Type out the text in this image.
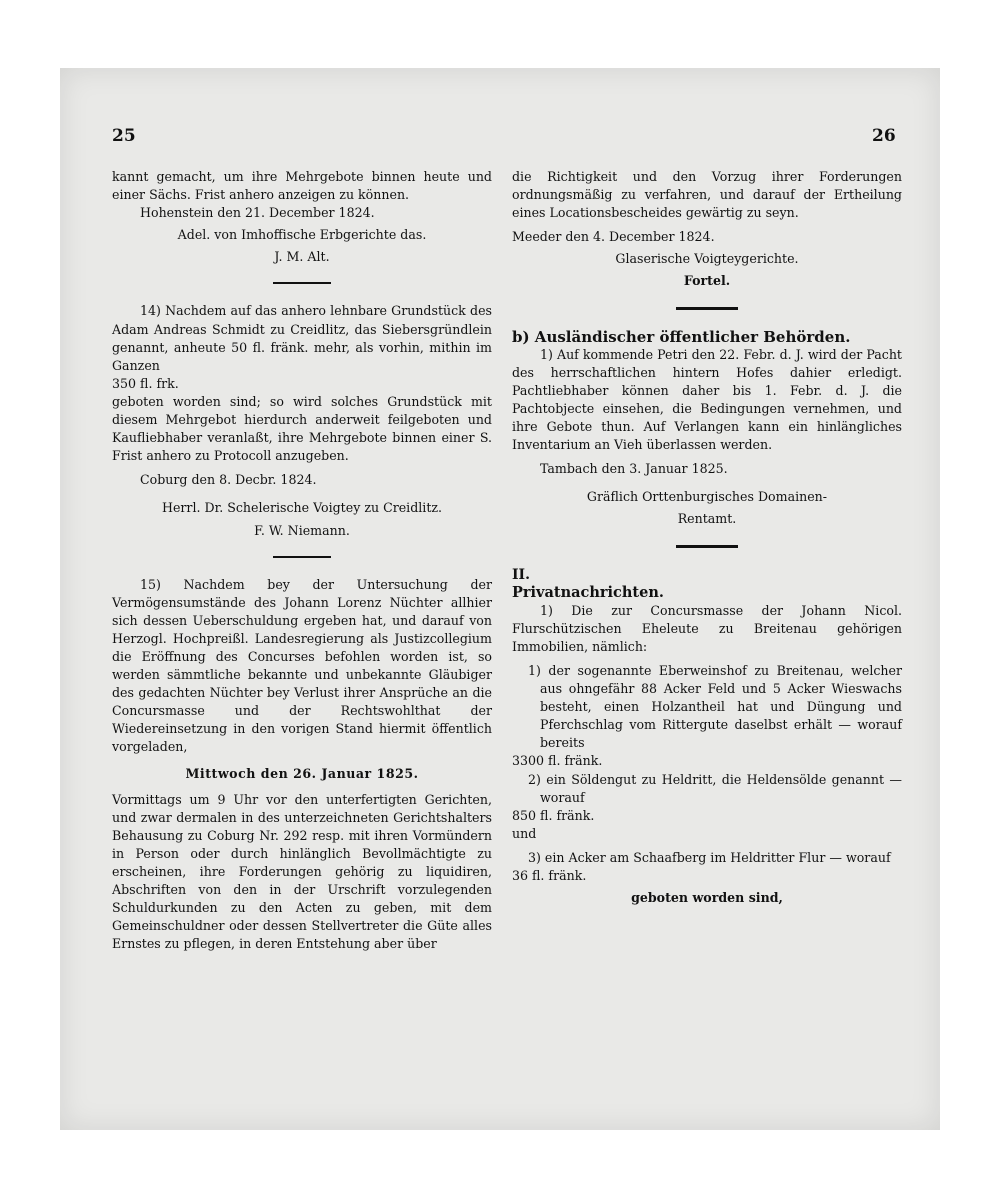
25	26

kannt gemacht, um ihre Mehrgebote binnen heute und einer Sächs. Frist anhero anzeigen zu können.

Hohenstein den 21. December 1824.

Adel. von Imhoffische Erbgerichte das.

J. M. Alt.

14) Nachdem auf das anhero lehnbare Grundstück des Adam Andreas Schmidt zu Creidlitz, das Siebersgründlein genannt, anheute 50 fl. fränk. mehr, als vorhin, mithin im Ganzen

350 fl. frk.

geboten worden sind; so wird solches Grundstück mit diesem Mehrgebot hierdurch anderweit feilgeboten und Kaufliebhaber veranlaßt, ihre Mehrgebote binnen einer S. Frist anhero zu Protocoll anzugeben.

Coburg den 8. Decbr. 1824.

Herrl. Dr. Schelerische Voigtey zu Creidlitz.

F. W. Niemann.

15) Nachdem bey der Untersuchung der Vermögensumstände des Johann Lorenz Nüchter allhier sich dessen Ueberschuldung ergeben hat, und darauf von Herzogl. Hochpreißl. Landesregierung als Justizcollegium die Eröffnung des Concurses befohlen worden ist, so werden sämmtliche bekannte und unbekannte Gläubiger des gedachten Nüchter bey Verlust ihrer Ansprüche an die Concursmasse und der Rechtswohlthat der Wiedereinsetzung in den vorigen Stand hiermit öffentlich vorgeladen,

Mittwoch den 26. Januar 1825.

Vormittags um 9 Uhr vor den unterfertigten Gerichten, und zwar dermalen in des unterzeichneten Gerichtshalters Behausung zu Coburg Nr. 292 resp. mit ihren Vormündern in Person oder durch hinlänglich Bevollmächtigte zu erscheinen, ihre Forderungen gehörig zu liquidiren, Abschriften von den in der Urschrift vorzulegenden Schuldurkunden zu den Acten zu geben, mit dem Gemeinschuldner oder dessen Stellvertreter die Güte alles Ernstes zu pflegen, in deren Entstehung aber über

die Richtigkeit und den Vorzug ihrer Forderungen ordnungsmäßig zu verfahren, und darauf der Ertheilung eines Locationsbescheides gewärtig zu seyn.

Meeder den 4. December 1824.

Glaserische Voigteygerichte.

Fortel.

b) Ausländischer öffentlicher Behörden.

1) Auf kommende Petri den 22. Febr. d. J. wird der Pacht des herrschaftlichen hintern Hofes dahier erledigt. Pachtliebhaber können daher bis 1. Febr. d. J. die Pachtobjecte einsehen, die Bedingungen vernehmen, und ihre Gebote thun. Auf Verlangen kann ein hinlängliches Inventarium an Vieh überlassen werden.

Tambach den 3. Januar 1825.

Gräflich Orttenburgisches Domainen-

Rentamt.

II.

Privatnachrichten.

1) Die zur Concursmasse der Johann Nicol. Flurschützischen Eheleute zu Breitenau gehörigen Immobilien, nämlich:

1) der sogenannte Eberweinshof zu Breitenau, welcher aus ohngefähr 88 Acker Feld und 5 Acker Wieswachs besteht, einen Holzantheil hat und Düngung und Pferchschlag vom Rittergute daselbst erhält — worauf bereits

3300 fl. fränk.

2) ein Söldengut zu Heldritt, die Heldensölde genannt — worauf

850 fl. fränk.

und

3) ein Acker am Schaafberg im Heldritter Flur — worauf

36 fl. fränk.

geboten worden sind,
